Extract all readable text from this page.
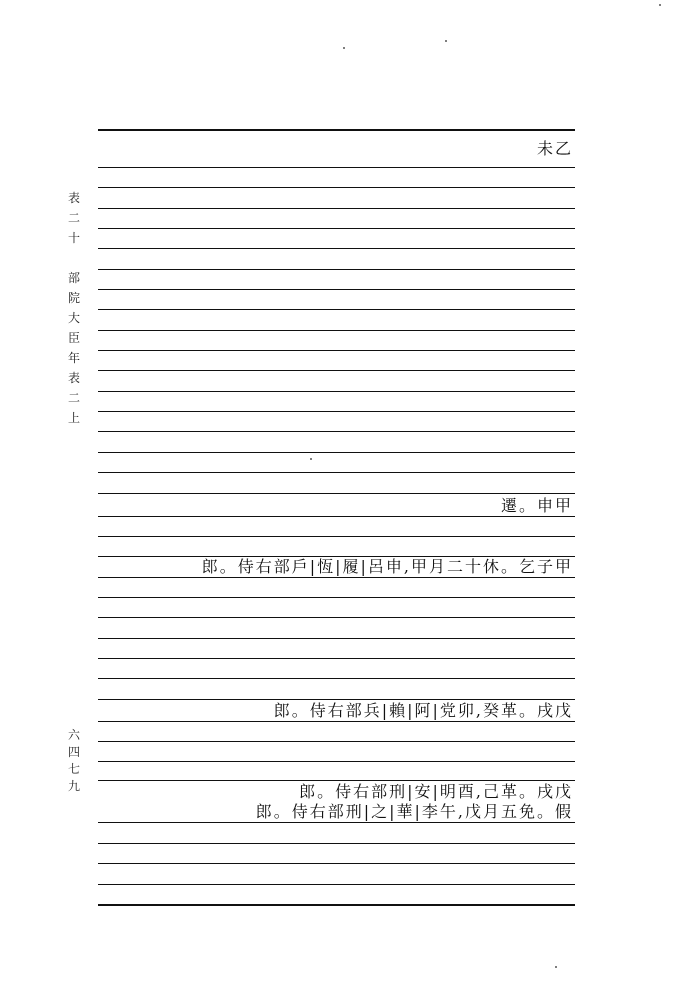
表
二
十
部
院
大
臣
年
表
二
上
六
四
七
九
未乙
遷。申甲
郎。侍右部戶|恆|履|呂申,甲月二十休。乞子甲
郎。侍右部兵|賴|阿|党卯,癸革。戌戊
郎。侍右部刑|安|明酉,己革。戌戊
郎。侍右部刑|之|華|李午,戊月五免。假
